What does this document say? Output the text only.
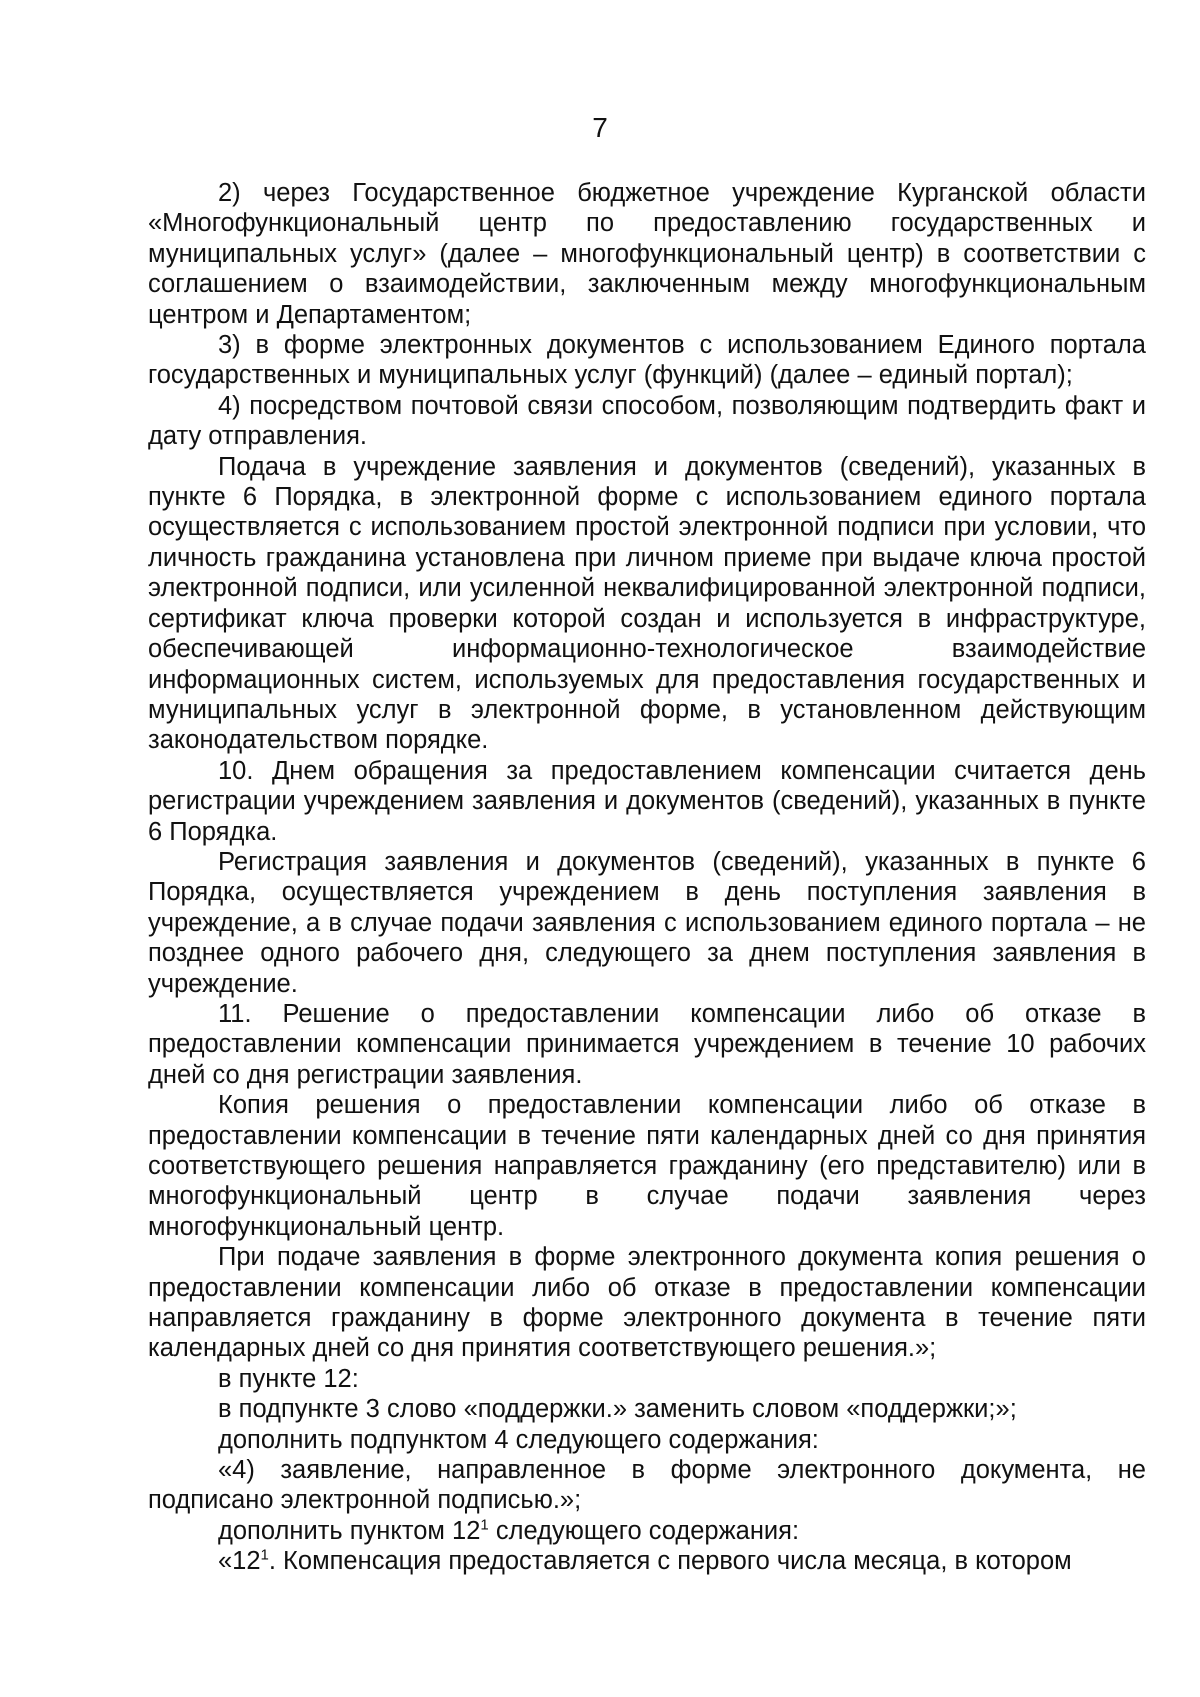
7

2) через Государственное бюджетное учреждение Курганской области «Многофункциональный центр по предоставлению государственных и муниципальных услуг» (далее – многофункциональный центр) в соответствии с соглашением о взаимодействии, заключенным между многофункциональным центром и Департаментом;

3) в форме электронных документов с использованием Единого портала государственных и муниципальных услуг (функций) (далее – единый портал);

4) посредством почтовой связи способом, позволяющим подтвердить факт и дату отправления.

Подача в учреждение заявления и документов (сведений), указанных в пункте 6 Порядка, в электронной форме с использованием единого портала осуществляется с использованием простой электронной подписи при условии, что личность гражданина установлена при личном приеме при выдаче ключа простой электронной подписи, или усиленной неквалифицированной электронной подписи, сертификат ключа проверки которой создан и используется в инфраструктуре, обеспечивающей информационно-технологическое взаимодействие информационных систем, используемых для предоставления государственных и муниципальных услуг в электронной форме, в установленном действующим законодательством порядке.

10. Днем обращения за предоставлением компенсации считается день регистрации учреждением заявления и документов (сведений), указанных в пункте 6 Порядка.

Регистрация заявления и документов (сведений), указанных в пункте 6 Порядка, осуществляется учреждением в день поступления заявления в учреждение, а в случае подачи заявления с использованием единого портала – не позднее одного рабочего дня, следующего за днем поступления заявления в учреждение.

11. Решение о предоставлении компенсации либо об отказе в предоставлении компенсации принимается учреждением в течение 10 рабочих дней со дня регистрации заявления.

Копия решения о предоставлении компенсации либо об отказе в предоставлении компенсации в течение пяти календарных дней со дня принятия соответствующего решения направляется гражданину (его представителю) или в многофункциональный центр в случае подачи заявления через многофункциональный центр.

При подаче заявления в форме электронного документа копия решения о предоставлении компенсации либо об отказе в предоставлении компенсации направляется гражданину в форме электронного документа в течение пяти календарных дней со дня принятия соответствующего решения.»;

в пункте 12:

в подпункте 3 слово «поддержки.» заменить словом «поддержки;»;

дополнить подпунктом 4 следующего содержания:

«4) заявление, направленное в форме электронного документа, не подписано электронной подписью.»;

дополнить пунктом $12^1$ следующего содержания:

«$12^1$. Компенсация предоставляется с первого числа месяца, в котором
